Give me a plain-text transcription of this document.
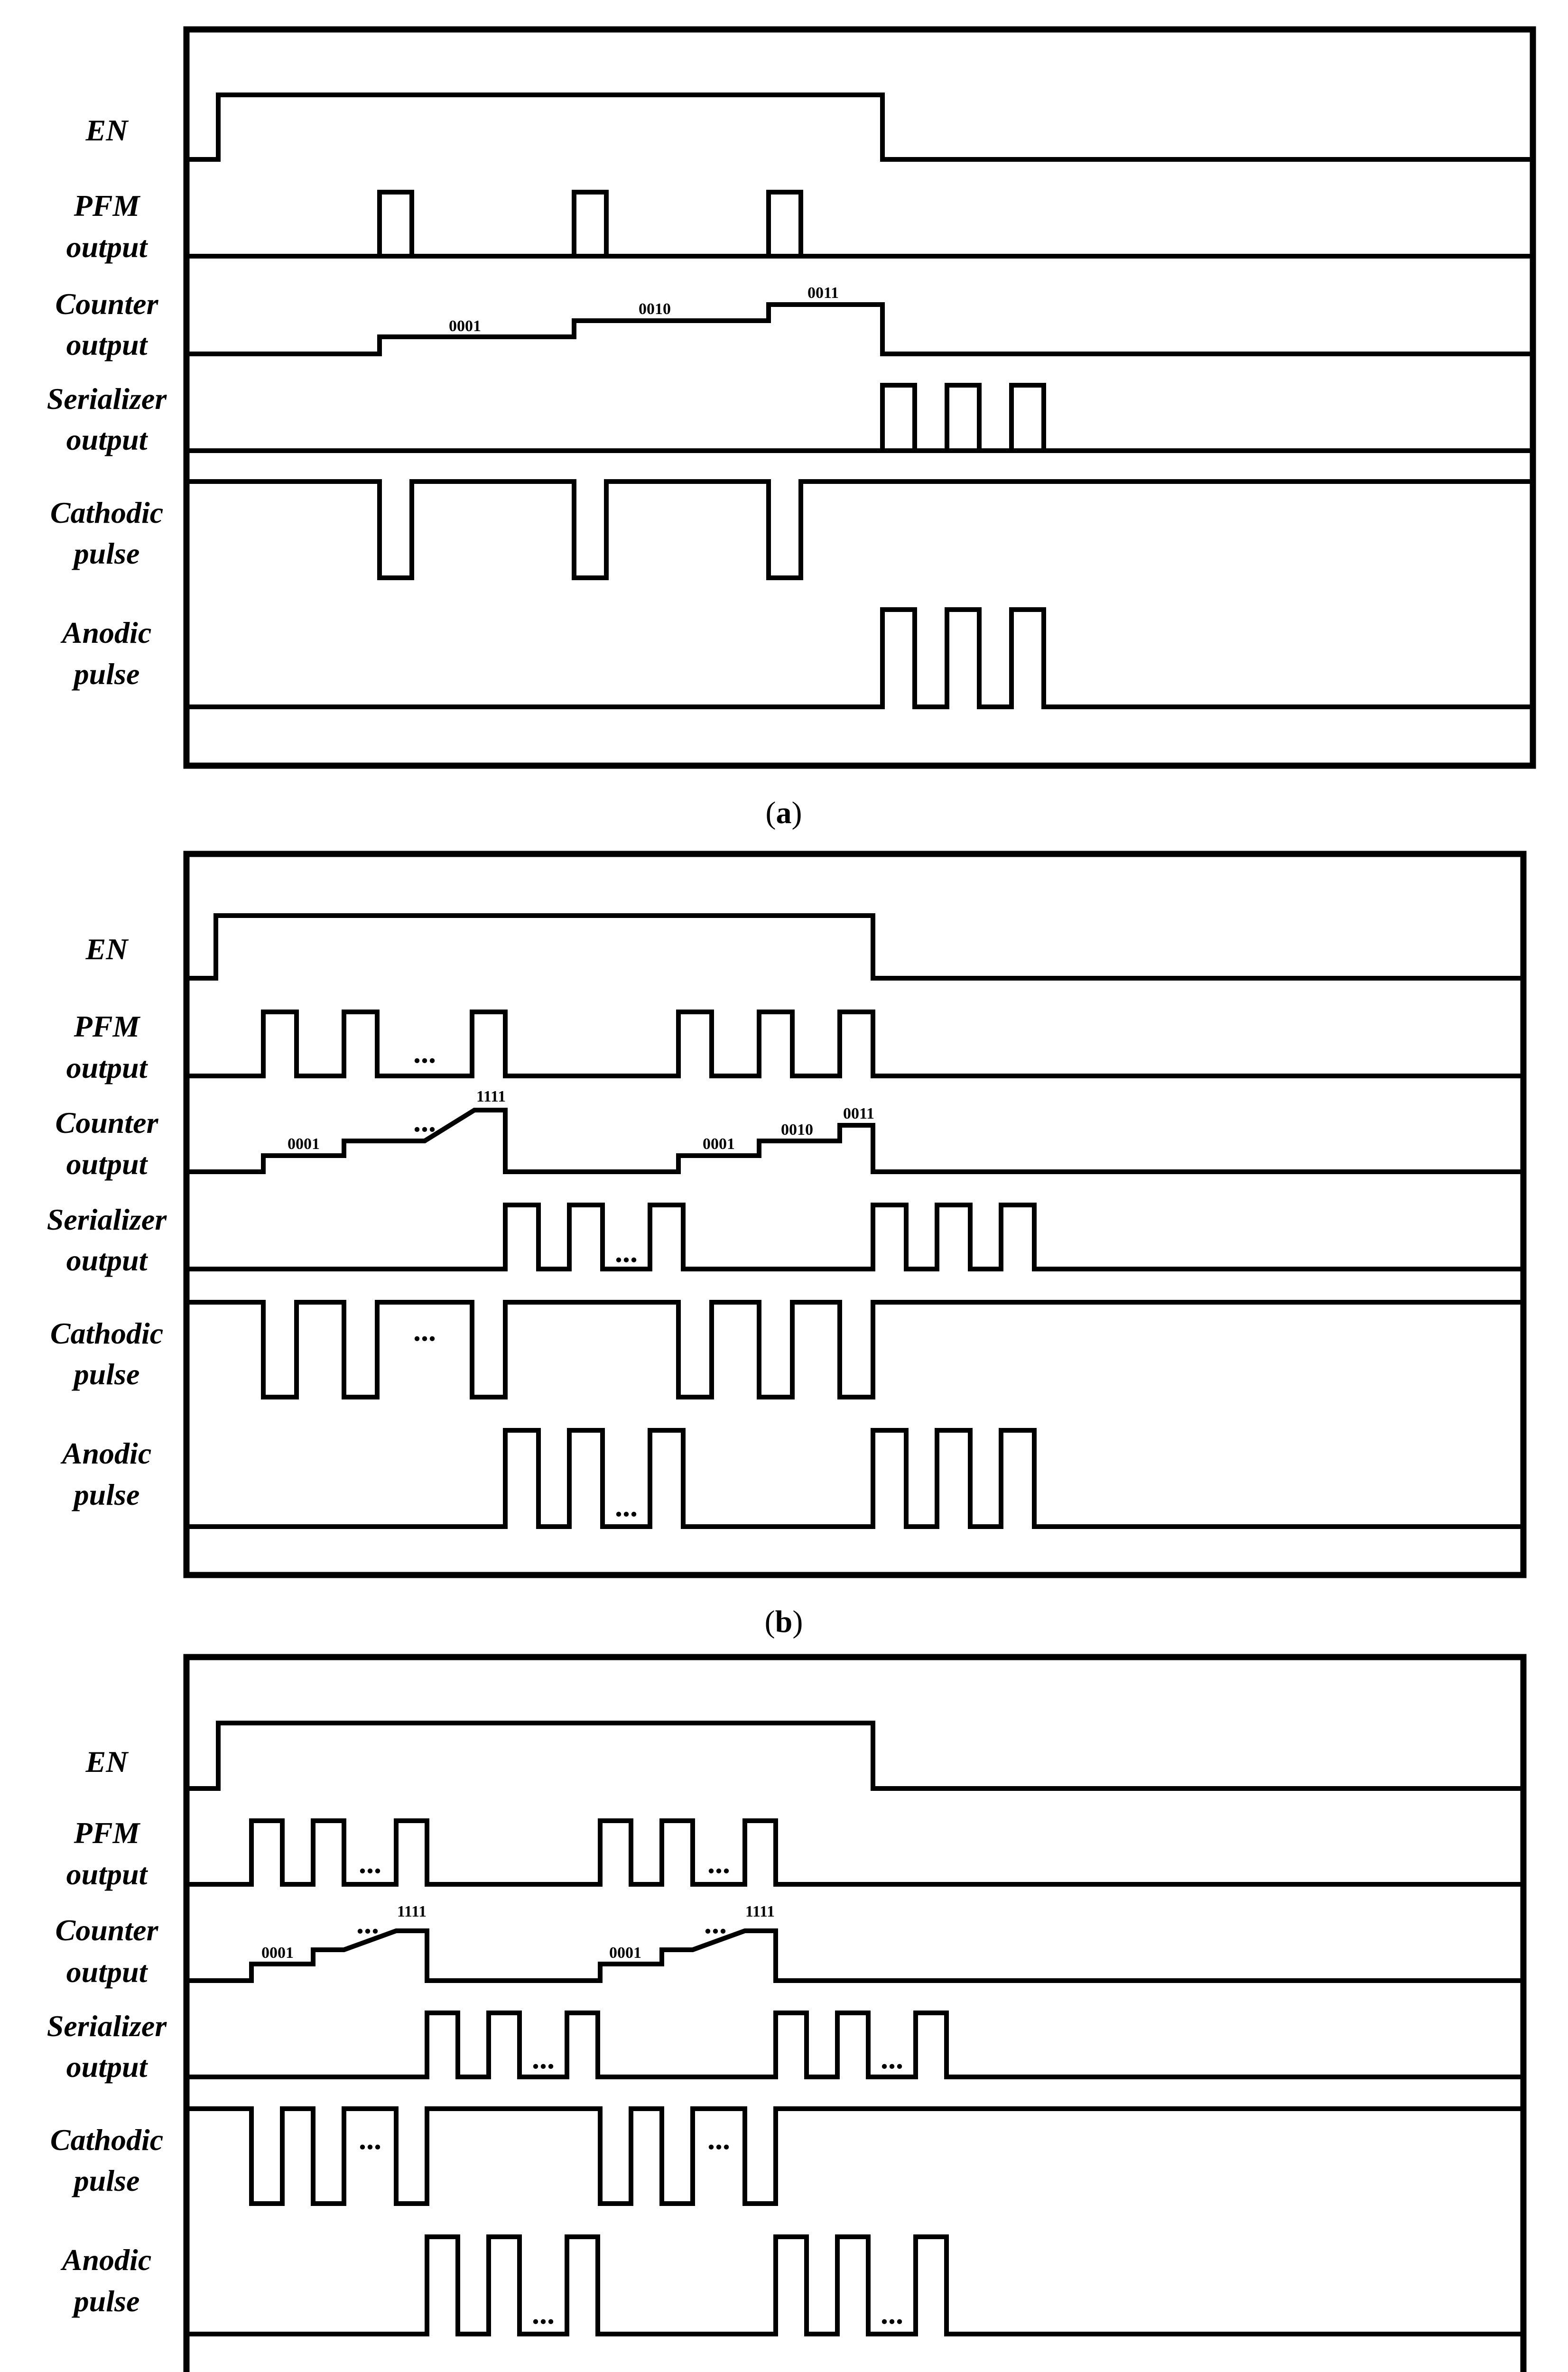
EN
PFM
output
Counter
output
Serializer
output
Cathodic
pulse
Anodic
pulse
0001
0010
0011
(a)
EN
PFM
output
Counter
output
Serializer
output
Cathodic
pulse
Anodic
pulse
...
0001
...
1111
0001
0010
0011
...
...
...
(b)
EN
PFM
output
Counter
output
Serializer
output
Cathodic
pulse
Anodic
pulse
...	...
0001
... 1111
0001
... 1111
...	...
...	...
...	...
